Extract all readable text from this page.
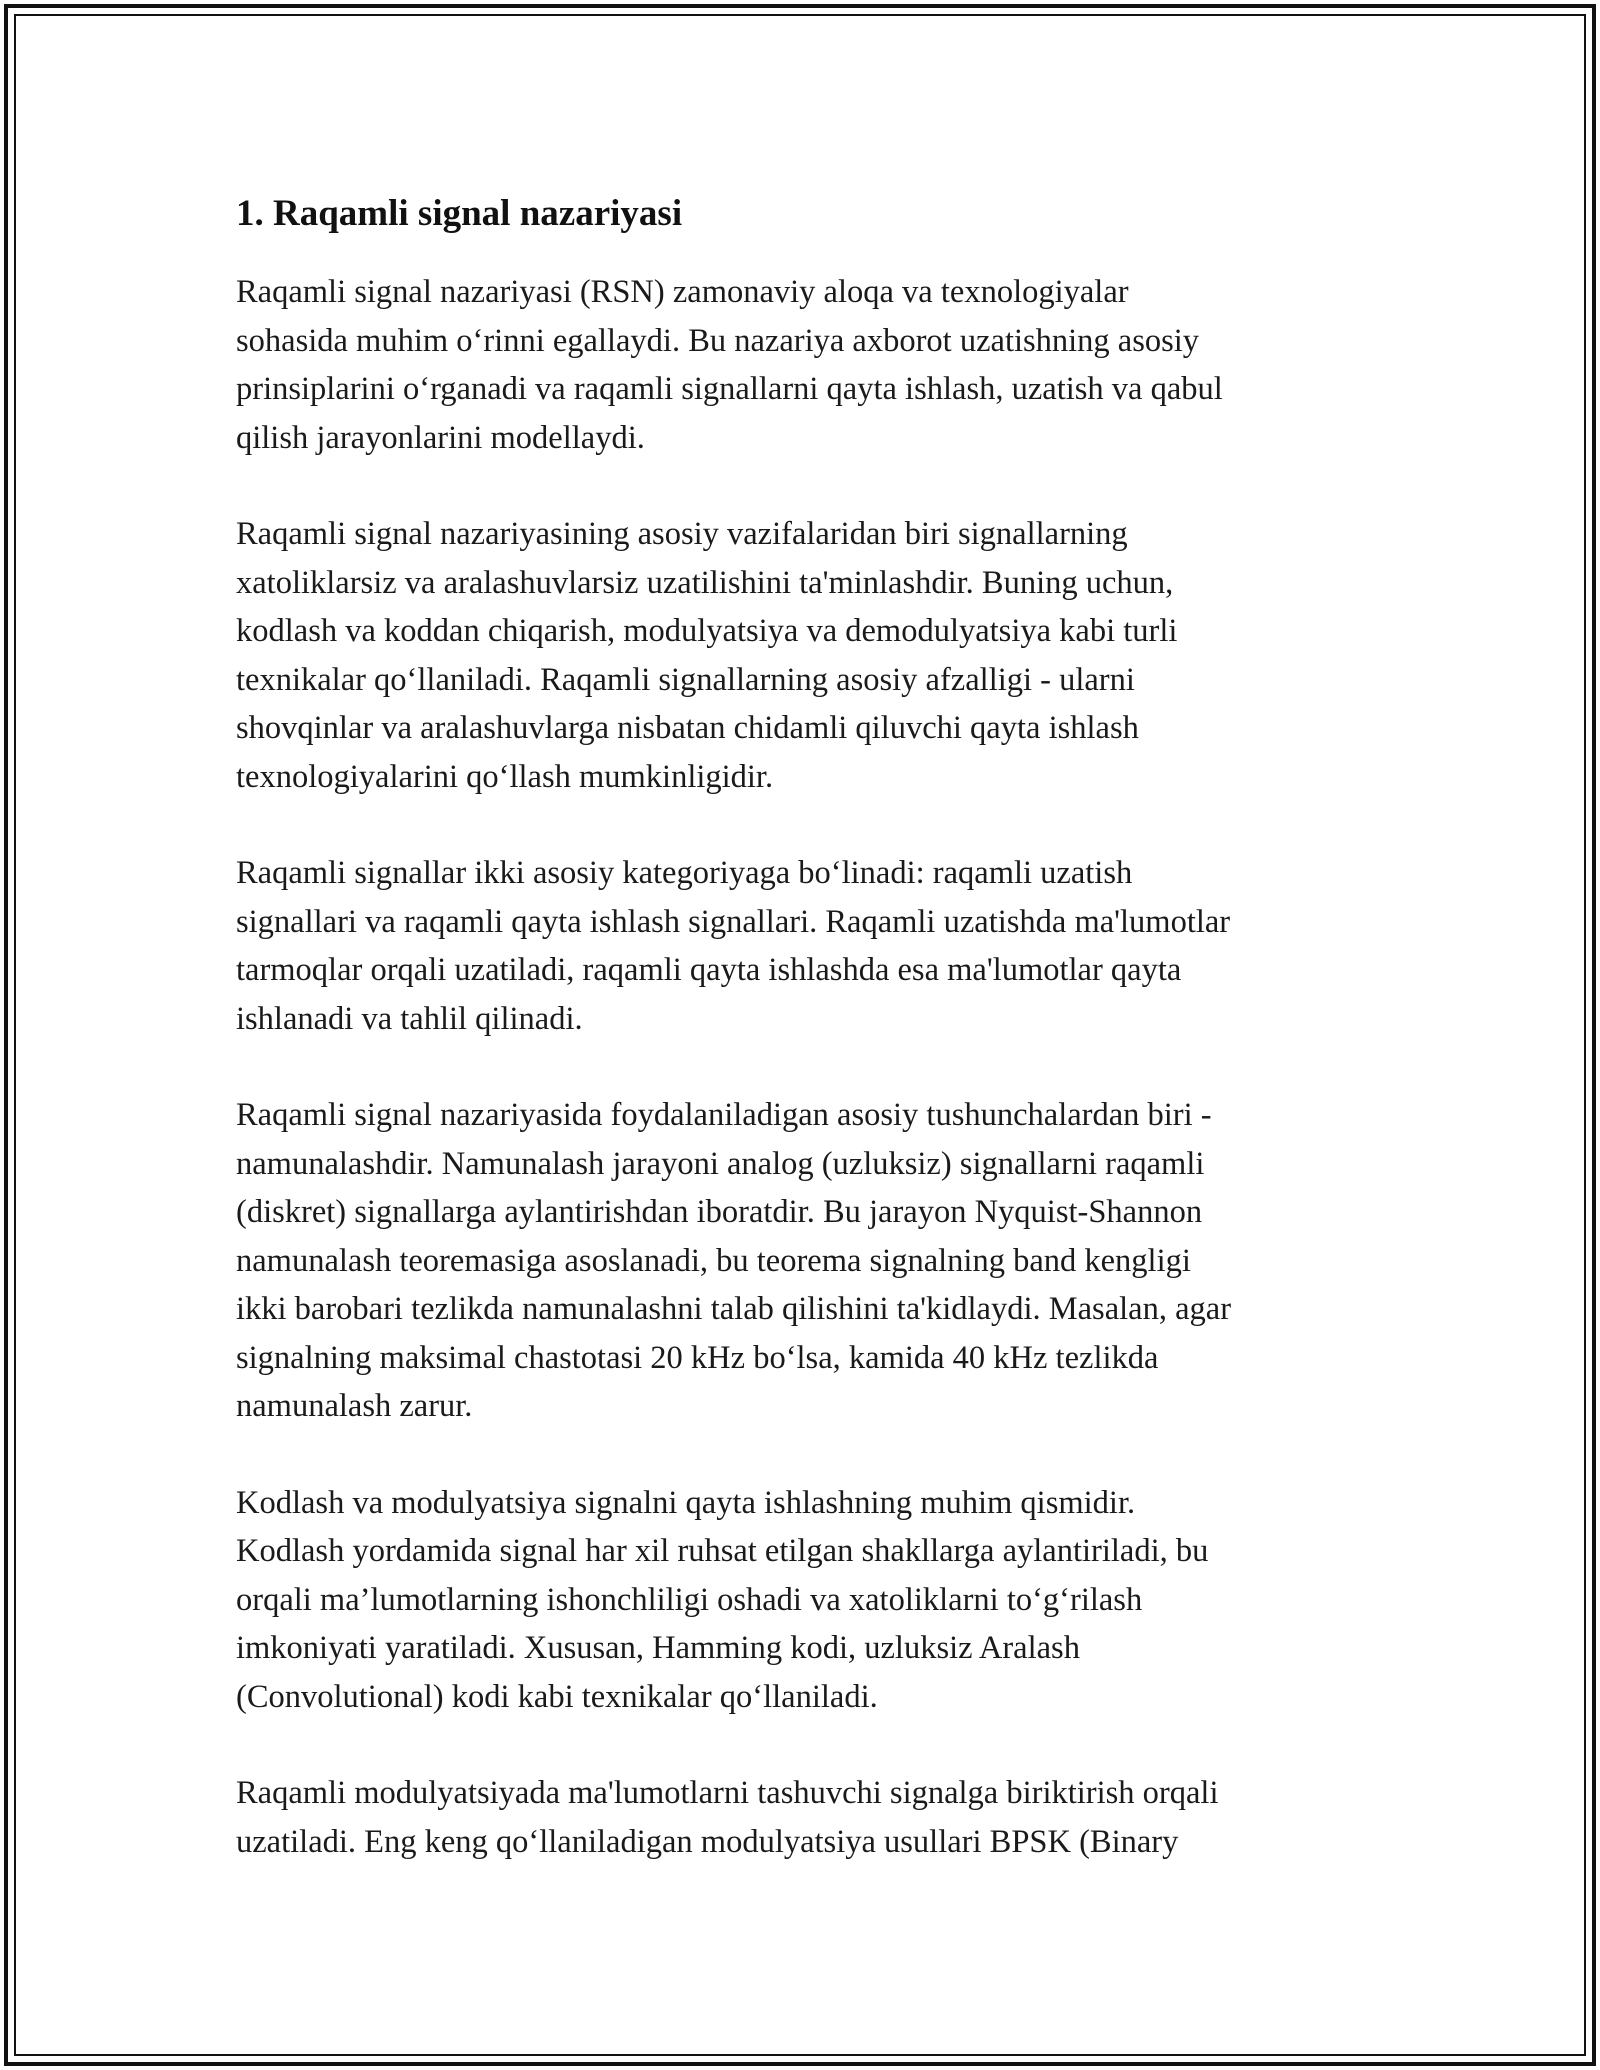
1. Raqamli signal nazariyasi

Raqamli signal nazariyasi (RSN) zamonaviy aloqa va texnologiyalar
sohasida muhim o‘rinni egallaydi. Bu nazariya axborot uzatishning asosiy
prinsiplarini o‘rganadi va raqamli signallarni qayta ishlash, uzatish va qabul
qilish jarayonlarini modellaydi.

Raqamli signal nazariyasining asosiy vazifalaridan biri signallarning
xatoliklarsiz va aralashuvlarsiz uzatilishini ta'minlashdir. Buning uchun,
kodlash va koddan chiqarish, modulyatsiya va demodulyatsiya kabi turli
texnikalar qo‘llaniladi. Raqamli signallarning asosiy afzalligi - ularni
shovqinlar va aralashuvlarga nisbatan chidamli qiluvchi qayta ishlash
texnologiyalarini qo‘llash mumkinligidir.

Raqamli signallar ikki asosiy kategoriyaga bo‘linadi: raqamli uzatish
signallari va raqamli qayta ishlash signallari. Raqamli uzatishda ma'lumotlar
tarmoqlar orqali uzatiladi, raqamli qayta ishlashda esa ma'lumotlar qayta
ishlanadi va tahlil qilinadi.

Raqamli signal nazariyasida foydalaniladigan asosiy tushunchalardan biri -
namunalashdir. Namunalash jarayoni analog (uzluksiz) signallarni raqamli
(diskret) signallarga aylantirishdan iboratdir. Bu jarayon Nyquist-Shannon
namunalash teoremasiga asoslanadi, bu teorema signalning band kengligi
ikki barobari tezlikda namunalashni talab qilishini ta'kidlaydi. Masalan, agar
signalning maksimal chastotasi 20 kHz bo‘lsa, kamida 40 kHz tezlikda
namunalash zarur.

Kodlash va modulyatsiya signalni qayta ishlashning muhim qismidir.
Kodlash yordamida signal har xil ruhsat etilgan shakllarga aylantiriladi, bu
orqali ma’lumotlarning ishonchliligi oshadi va xatoliklarni to‘g‘rilash
imkoniyati yaratiladi. Xususan, Hamming kodi, uzluksiz Aralash
(Convolutional) kodi kabi texnikalar qo‘llaniladi.

Raqamli modulyatsiyada ma'lumotlarni tashuvchi signalga biriktirish orqali
uzatiladi. Eng keng qo‘llaniladigan modulyatsiya usullari BPSK (Binary
